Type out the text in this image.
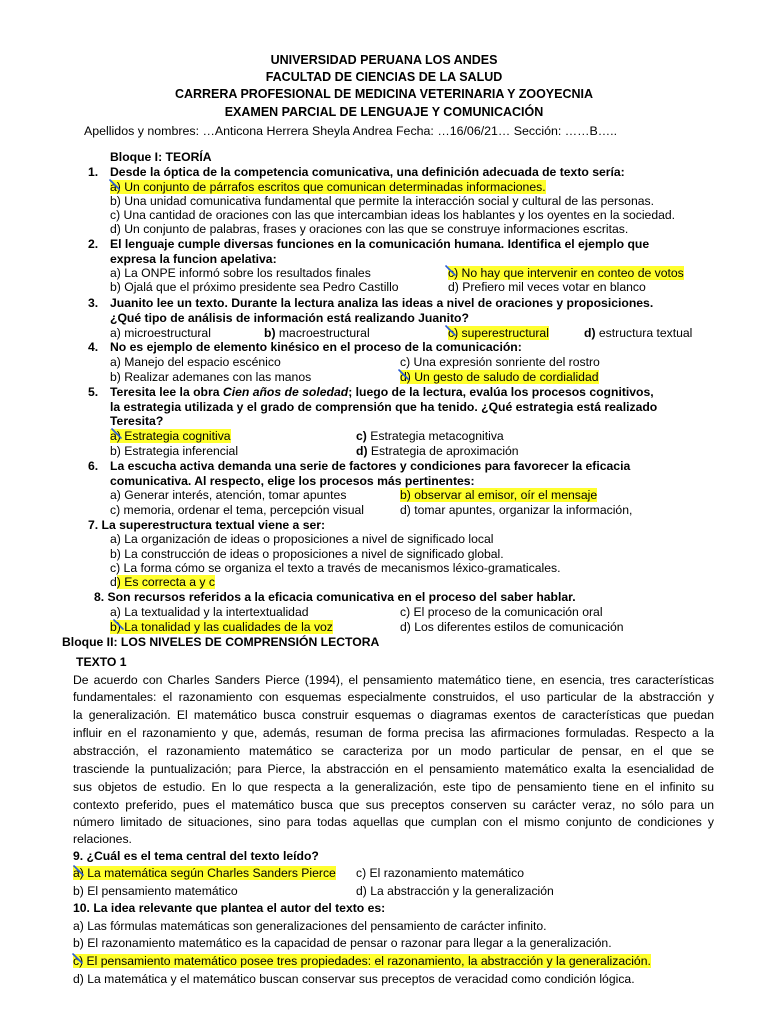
UNIVERSIDAD PERUANA LOS ANDES
FACULTAD DE CIENCIAS DE LA SALUD
CARRERA PROFESIONAL DE MEDICINA VETERINARIA Y ZOOYECNIA
EXAMEN PARCIAL DE LENGUAJE Y COMUNICACIÓN
Apellidos y nombres: …Anticona Herrera Sheyla Andrea Fecha: …16/06/21… Sección: ……B…..
Bloque I: TEORÍA
1. Desde la óptica de la competencia comunicativa, una definición adecuada de texto sería:
a) Un conjunto de párrafos escritos que comunican determinadas informaciones.
b) Una unidad comunicativa fundamental que permite la interacción social y cultural de las personas.
c) Una cantidad de oraciones con las que intercambian ideas los hablantes y los oyentes en la sociedad.
d) Un conjunto de palabras, frases y oraciones con las que se construye informaciones escritas.
2. El lenguaje cumple diversas funciones en la comunicación humana. Identifica el ejemplo que
expresa la funcion apelativa:
a) La ONPE informó sobre los resultados finales	c) No hay que intervenir en conteo de votos
b) Ojalá que el próximo presidente sea Pedro Castillo	d) Prefiero mil veces votar en blanco
3. Juanito lee un texto. Durante la lectura analiza las ideas a nivel de oraciones y proposiciones.
¿Qué tipo de análisis de información está realizando Juanito?
a) microestructural	b) macroestructural	c) superestructural	d) estructura textual
4. No es ejemplo de elemento kinésico en el proceso de la comunicación:
a) Manejo del espacio escénico	c) Una expresión sonriente del rostro
b) Realizar ademanes con las manos	d) Un gesto de saludo de cordialidad
5. Teresita lee la obra Cien años de soledad; luego de la lectura, evalúa los procesos cognitivos,
la estrategia utilizada y el grado de comprensión que ha tenido. ¿Qué estrategia está realizado
Teresita?
a) Estrategia cognitiva	c) Estrategia metacognitiva
b) Estrategia inferencial	d) Estrategia de aproximación
6. La escucha activa demanda una serie de factores y condiciones para favorecer la eficacia
comunicativa. Al respecto, elige los procesos más pertinentes:
a) Generar interés, atención, tomar apuntes	b) observar al emisor, oír el mensaje
c) memoria, ordenar el tema, percepción visual	d) tomar apuntes, organizar la información,
7. La superestructura textual viene a ser:
a) La organización de ideas o proposiciones a nivel de significado local
b) La construcción de ideas o proposiciones a nivel de significado global.
c) La forma cómo se organiza el texto a través de mecanismos léxico-gramaticales.
d) Es correcta a y c
8. Son recursos referidos a la eficacia comunicativa en el proceso del saber hablar.
a) La textualidad y la intertextualidad	c) El proceso de la comunicación oral
b) La tonalidad y las cualidades de la voz	d) Los diferentes estilos de comunicación
Bloque II: LOS NIVELES DE COMPRENSIÓN LECTORA
TEXTO 1
De acuerdo con Charles Sanders Pierce (1994), el pensamiento matemático tiene, en esencia, tres características
fundamentales: el razonamiento con esquemas especialmente construidos, el uso particular de la abstracción y
la generalización. El matemático busca construir esquemas o diagramas exentos de características que puedan
influir en el razonamiento y que, además, resuman de forma precisa las afirmaciones formuladas. Respecto a la
abstracción, el razonamiento matemático se caracteriza por un modo particular de pensar, en el que se
trasciende la puntualización; para Pierce, la abstracción en el pensamiento matemático exalta la esencialidad de
sus objetos de estudio. En lo que respecta a la generalización, este tipo de pensamiento tiene en el infinito su
contexto preferido, pues el matemático busca que sus preceptos conserven su carácter veraz, no sólo para un
número limitado de situaciones, sino para todas aquellas que cumplan con el mismo conjunto de condiciones y
relaciones.
9. ¿Cuál es el tema central del texto leído?
a) La matemática según Charles Sanders Pierce c) El razonamiento matemático
b) El pensamiento matemático	d) La abstracción y la generalización
10. La idea relevante que plantea el autor del texto es:
a) Las fórmulas matemáticas son generalizaciones del pensamiento de carácter infinito.
b) El razonamiento matemático es la capacidad de pensar o razonar para llegar a la generalización.
c) El pensamiento matemático posee tres propiedades: el razonamiento, la abstracción y la generalización.
d) La matemática y el matemático buscan conservar sus preceptos de veracidad como condición lógica.
